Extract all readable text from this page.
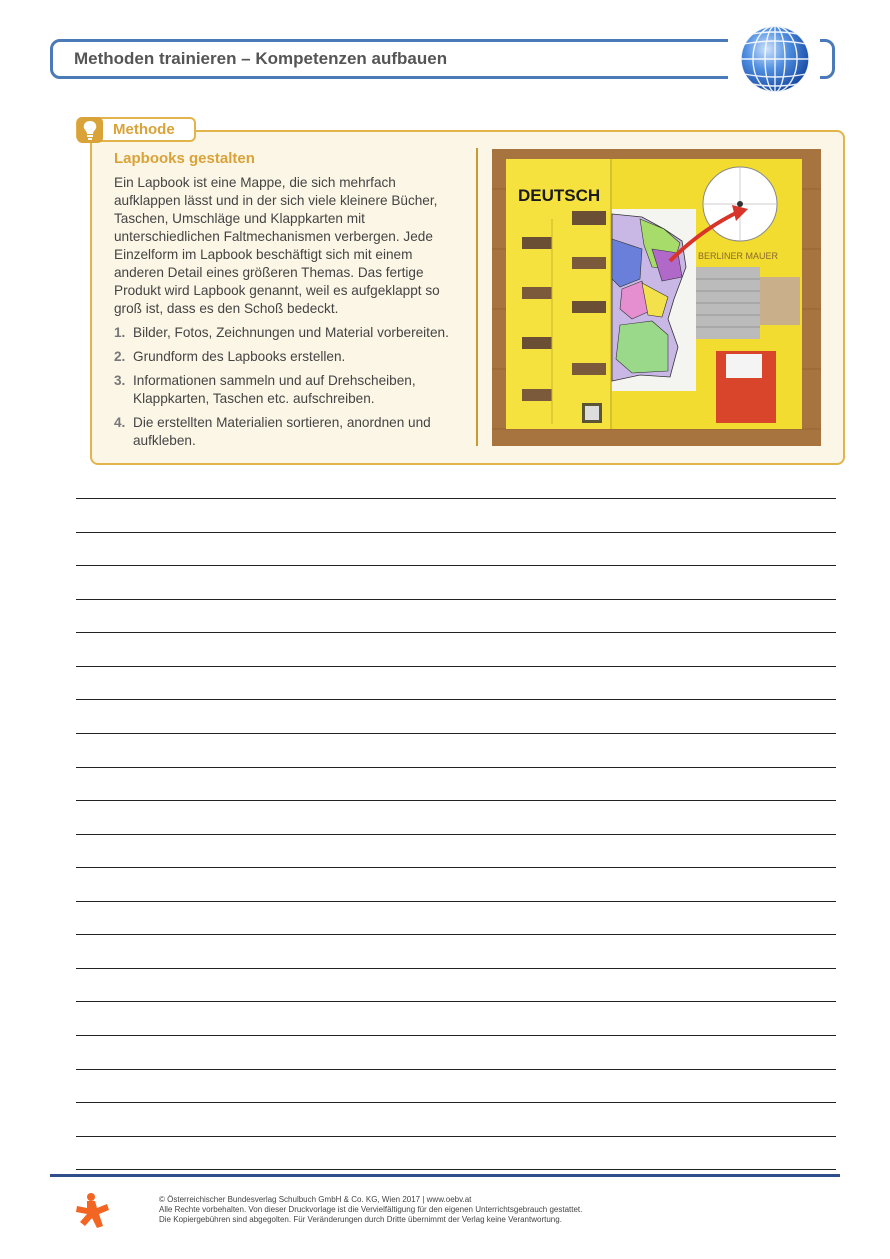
Methoden trainieren – Kompetenzen aufbauen
Methode
Lapbooks gestalten
Ein Lapbook ist eine Mappe, die sich mehrfach aufklappen lässt und in der sich viele kleinere Bücher, Taschen, Umschläge und Klappkarten mit unterschiedlichen Faltmechanismen verbergen. Jede Einzelform im Lapbook beschäftigt sich mit einem anderen Detail eines größeren Themas. Das fertige Produkt wird Lapbook genannt, weil es aufgeklappt so groß ist, dass es den Schoß bedeckt.
1. Bilder, Fotos, Zeichnungen und Material vorbereiten.
2. Grundform des Lapbooks erstellen.
3. Informationen sammeln und auf Drehscheiben, Klappkarten, Taschen etc. aufschreiben.
4. Die erstellten Materialien sortieren, anordnen und aufkleben.
DEUTSCH
BERLINER MAUER
© Österreichischer Bundesverlag Schulbuch GmbH & Co. KG, Wien 2017 | www.oebv.at
Alle Rechte vorbehalten. Von dieser Druckvorlage ist die Vervielfältigung für den eigenen Unterrichtsgebrauch gestattet.
Die Kopiergebühren sind abgegolten. Für Veränderungen durch Dritte übernimmt der Verlag keine Verantwortung.
